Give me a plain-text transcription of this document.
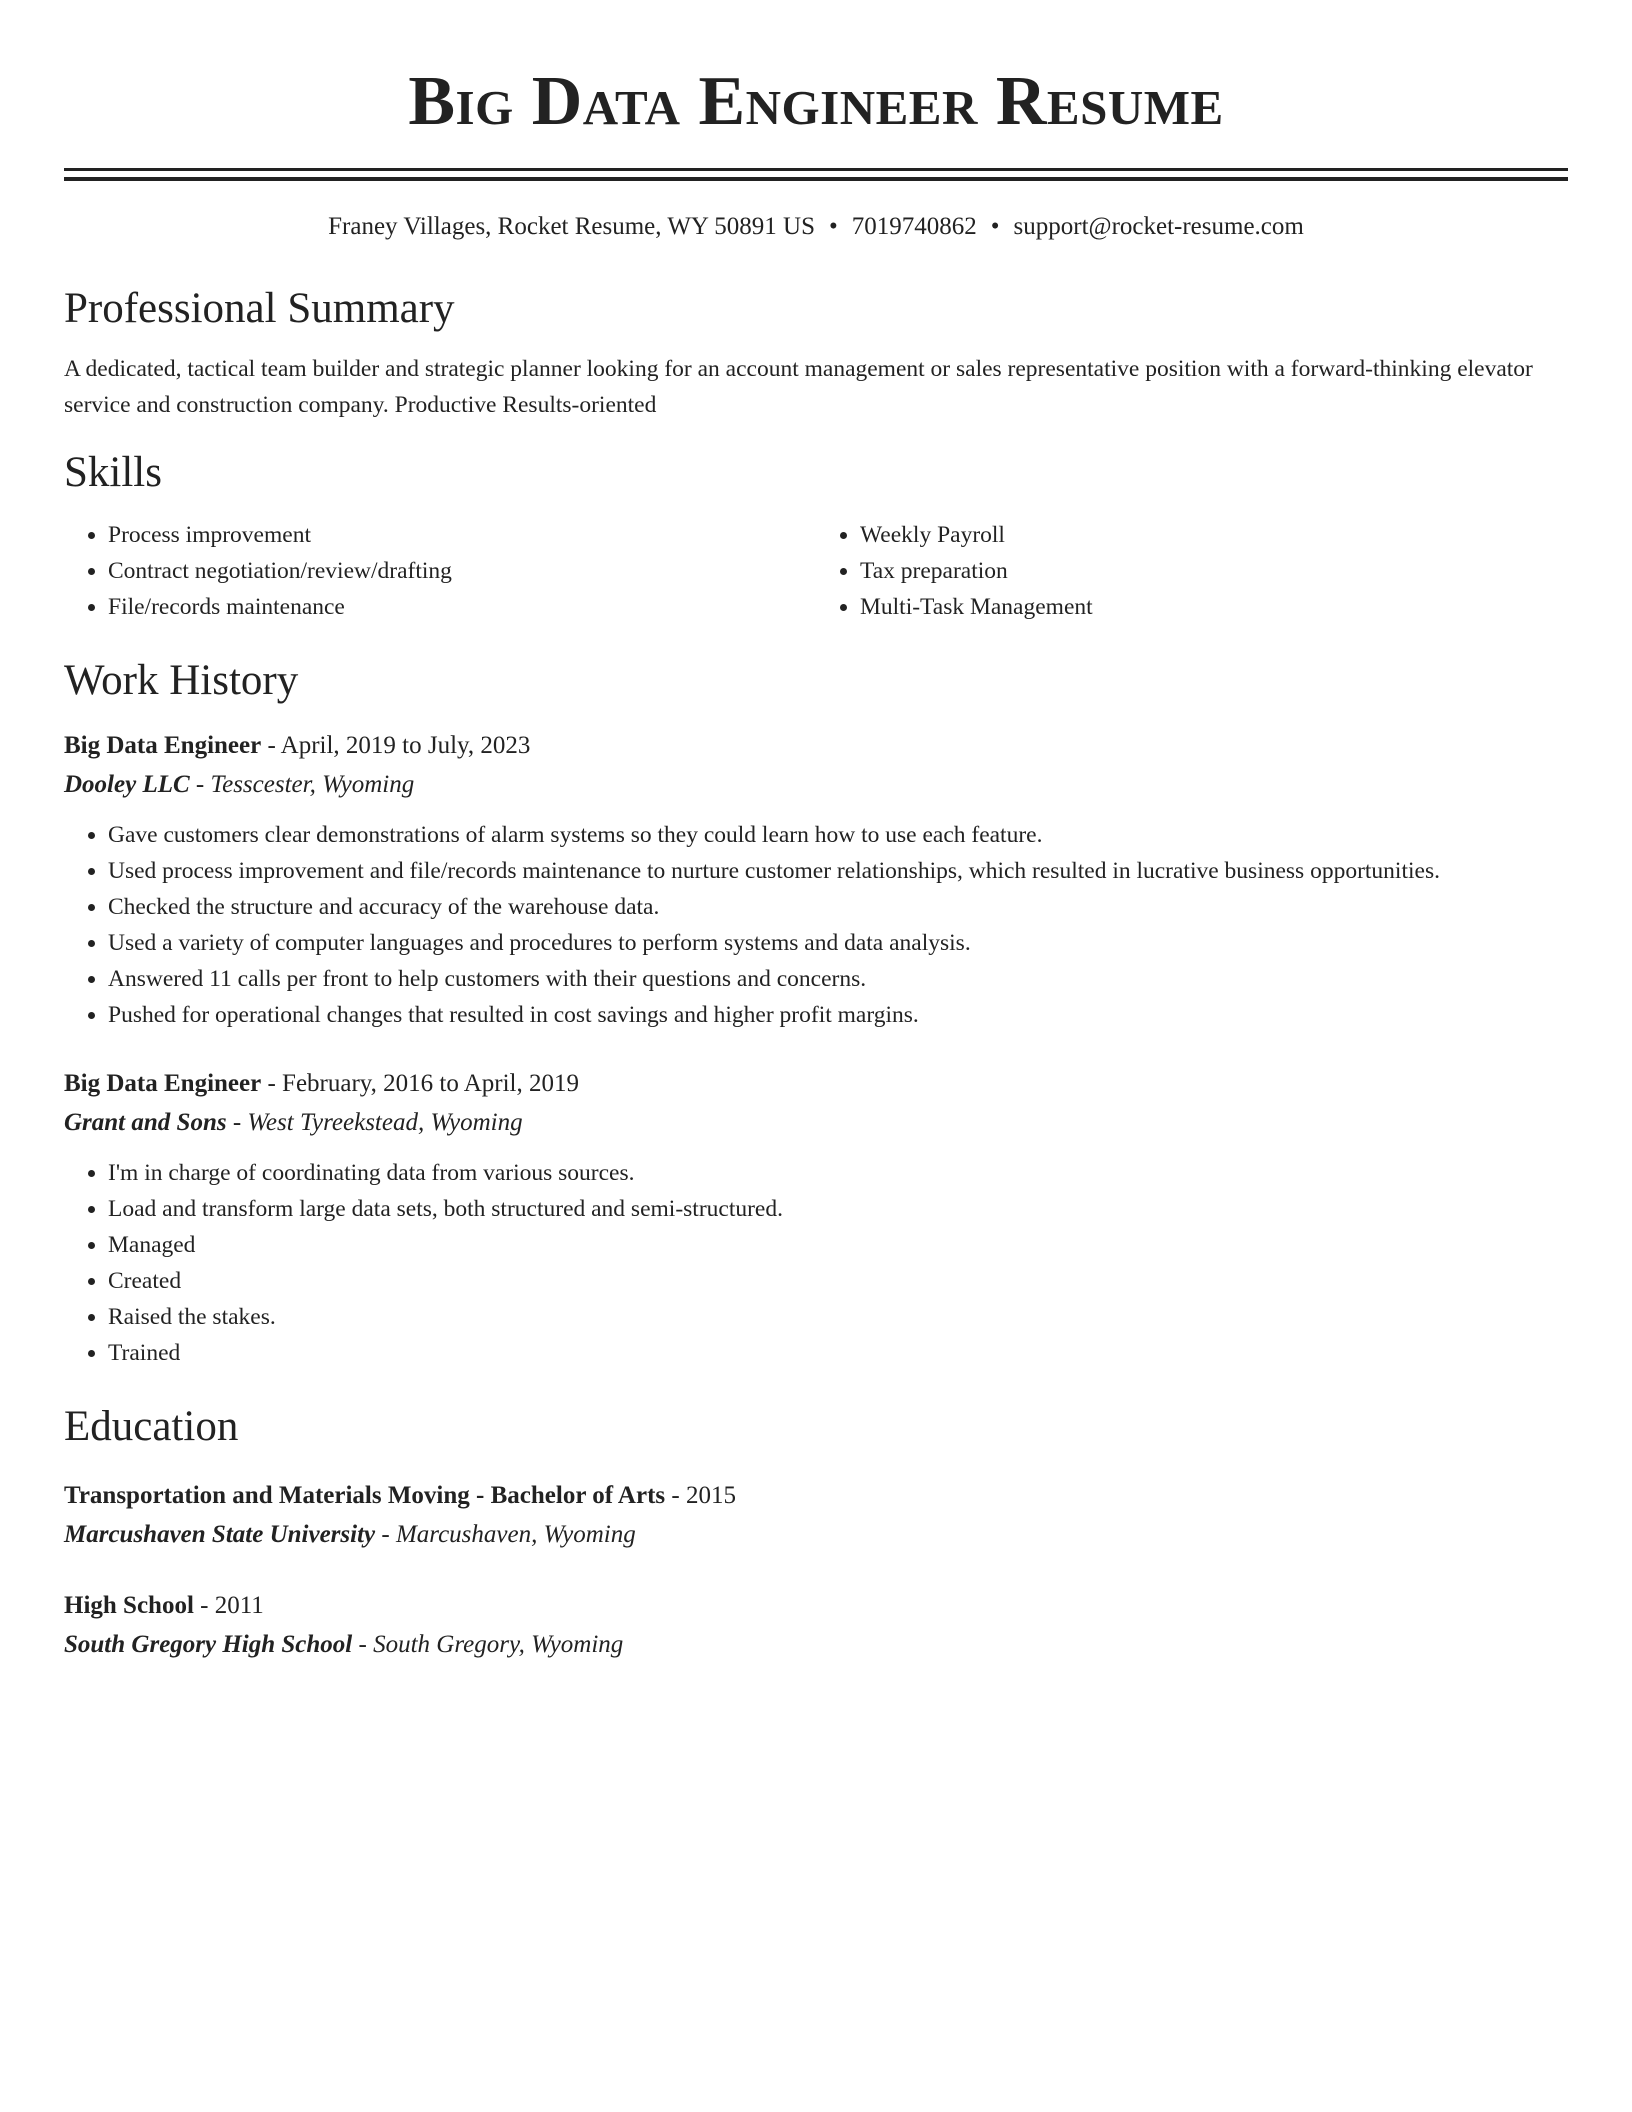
Big Data Engineer Resume
Franey Villages, Rocket Resume, WY 50891 US • 7019740862 • support@rocket-resume.com
Professional Summary
A dedicated, tactical team builder and strategic planner looking for an account management or sales representative position with a forward-thinking elevator service and construction company. Productive Results-oriented
Skills
• Process improvement
• Contract negotiation/review/drafting
• File/records maintenance
• Weekly Payroll
• Tax preparation
• Multi-Task Management
Work History
Big Data Engineer - April, 2019 to July, 2023
Dooley LLC - Tesscester, Wyoming
• Gave customers clear demonstrations of alarm systems so they could learn how to use each feature.
• Used process improvement and file/records maintenance to nurture customer relationships, which resulted in lucrative business opportunities.
• Checked the structure and accuracy of the warehouse data.
• Used a variety of computer languages and procedures to perform systems and data analysis.
• Answered 11 calls per front to help customers with their questions and concerns.
• Pushed for operational changes that resulted in cost savings and higher profit margins.
Big Data Engineer - February, 2016 to April, 2019
Grant and Sons - West Tyreekstead, Wyoming
• I'm in charge of coordinating data from various sources.
• Load and transform large data sets, both structured and semi-structured.
• Managed
• Created
• Raised the stakes.
• Trained
Education
Transportation and Materials Moving - Bachelor of Arts - 2015
Marcushaven State University - Marcushaven, Wyoming
High School - 2011
South Gregory High School - South Gregory, Wyoming
